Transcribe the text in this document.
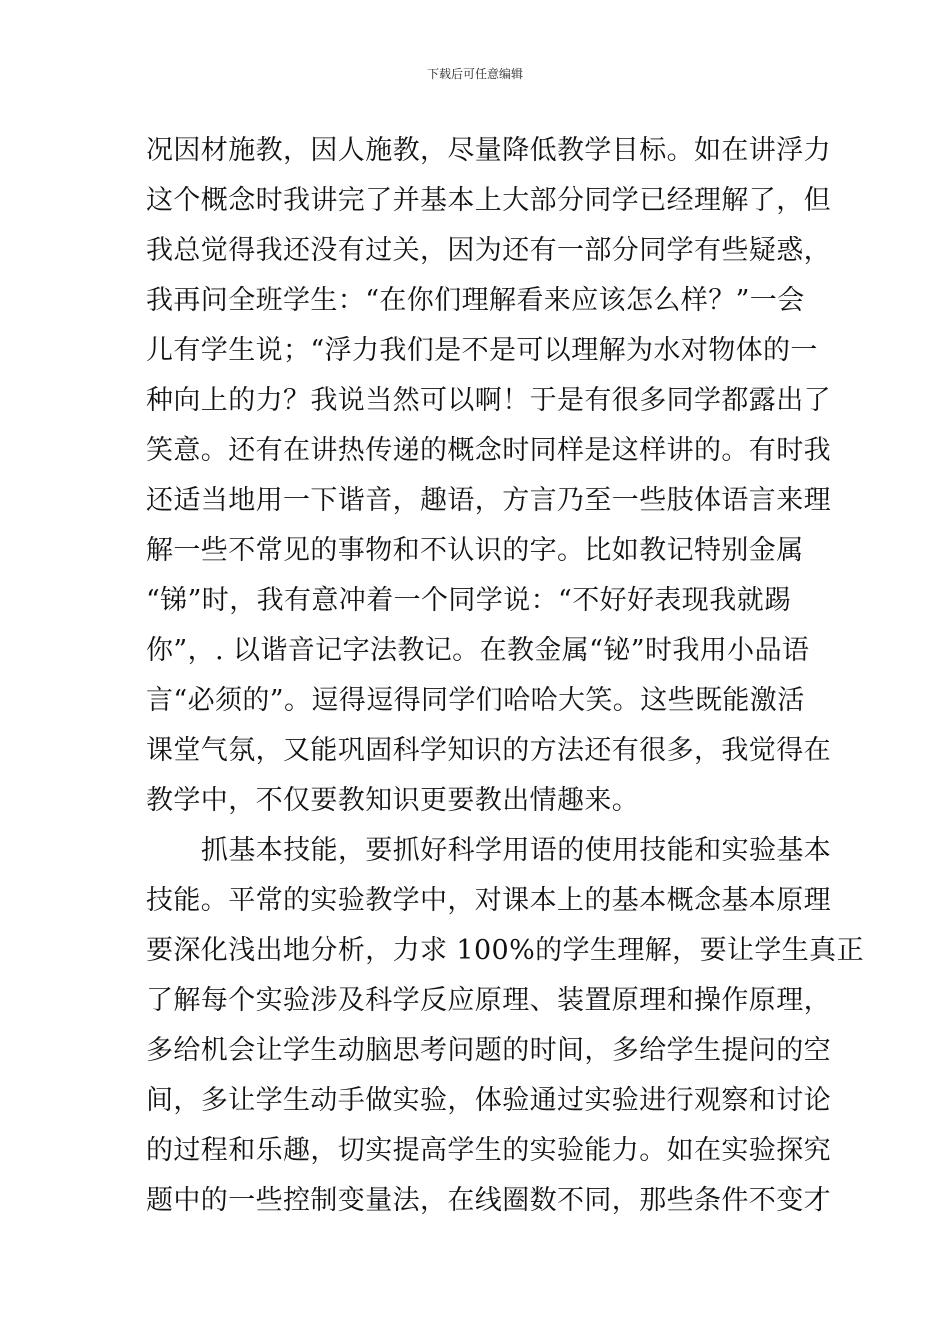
下载后可任意编辑
况因材施教，因人施教，尽量降低教学目标。如在讲浮力
这个概念时我讲完了并基本上大部分同学已经理解了，但
我总觉得我还没有过关，因为还有一部分同学有些疑惑，
我再问全班学生：“在你们理解看来应该怎么样？”一会
儿有学生说；“浮力我们是不是可以理解为水对物体的一
种向上的力？我说当然可以啊！于是有很多同学都露出了
笑意。还有在讲热传递的概念时同样是这样讲的。有时我
还适当地用一下谐音，趣语，方言乃至一些肢体语言来理
解一些不常见的事物和不认识的字。比如教记特别金属
“锑”时，我有意冲着一个同学说：“不好好表现我就踢
你”，. 以谐音记字法教记。在教金属“铋”时我用小品语
言“必须的”。逗得逗得同学们哈哈大笑。这些既能激活
课堂气氛，又能巩固科学知识的方法还有很多，我觉得在
教学中，不仅要教知识更要教出情趣来。
抓基本技能，要抓好科学用语的使用技能和实验基本
技能。平常的实验教学中，对课本上的基本概念基本原理
要深化浅出地分析，力求 100%的学生理解，要让学生真正
了解每个实验涉及科学反应原理、装置原理和操作原理，
多给机会让学生动脑思考问题的时间，多给学生提问的空
间，多让学生动手做实验，体验通过实验进行观察和讨论
的过程和乐趣，切实提高学生的实验能力。如在实验探究
题中的一些控制变量法，在线圈数不同，那些条件不变才
